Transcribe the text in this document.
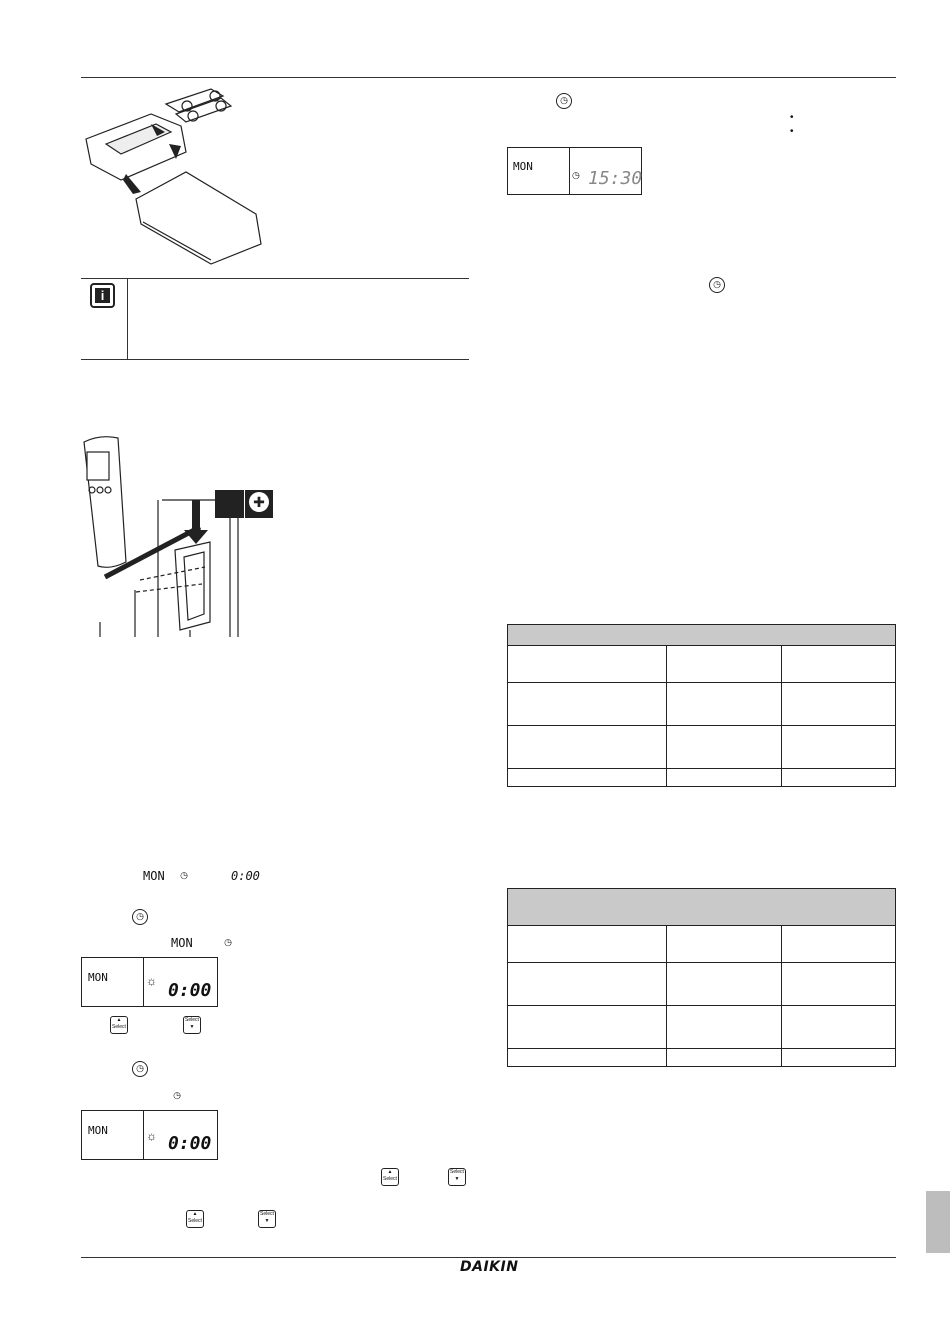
i
✚
MON
◷	0:00
◷
MON
◷
MON	☼ 0:00
▲
Select
Select
▼
◷
◷
MON	☼ 0:00
▲
Select
Select
▼
▲
Select
Select
▼
◷
•
•
MON
◷ 15:30
◷

DAIKIN
